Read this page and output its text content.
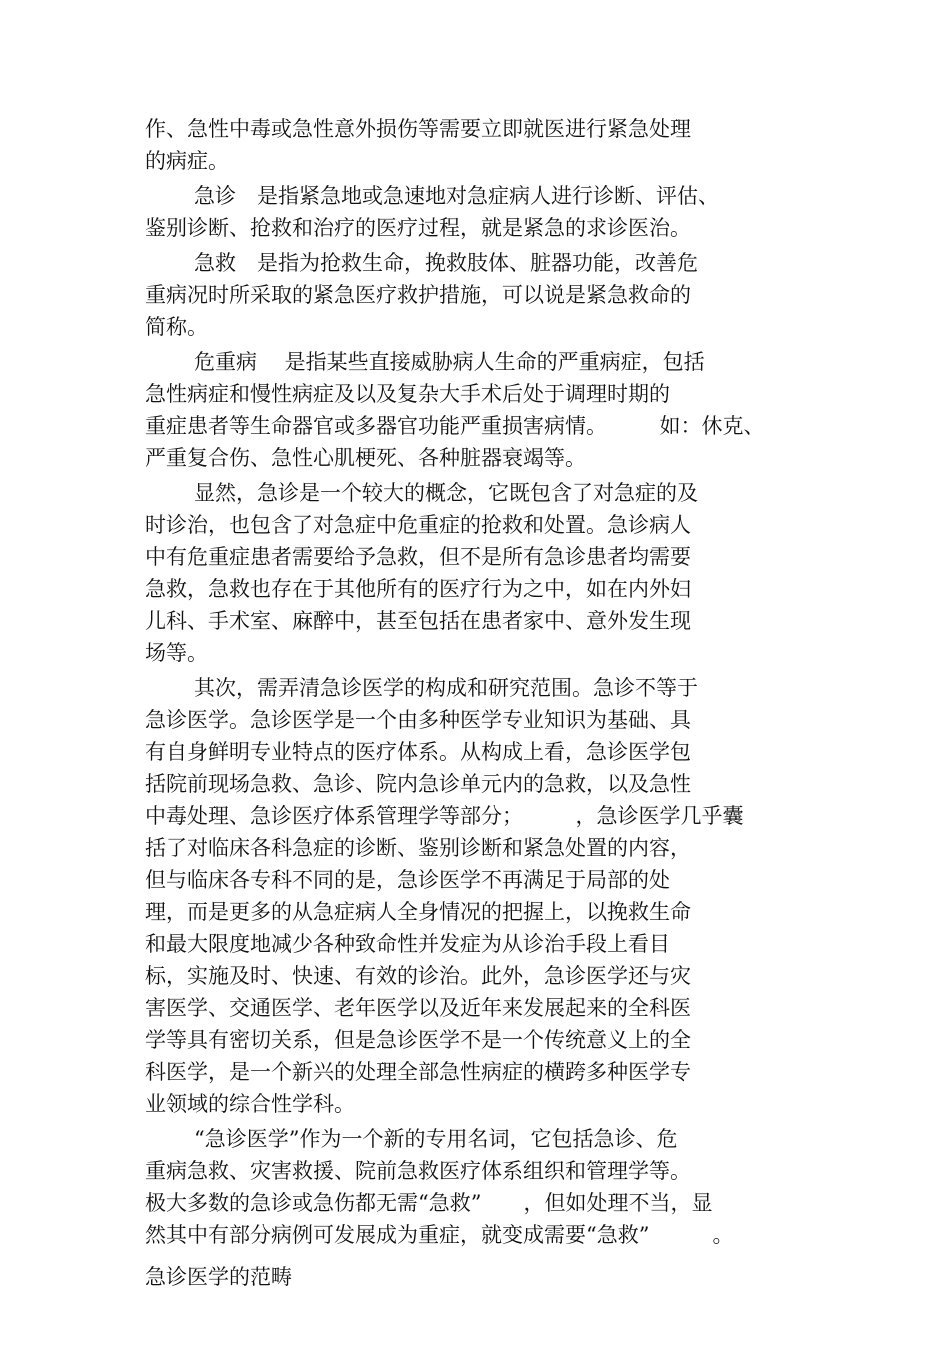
作、急性中毒或急性意外损伤等需要立即就医进行紧急处理
的病症。
急诊　是指紧急地或急速地对急症病人进行诊断、评估、
鉴别诊断、抢救和治疗的医疗过程，就是紧急的求诊医治。
急救　是指为抢救生命，挽救肢体、脏器功能，改善危
重病况时所采取的紧急医疗救护措施，可以说是紧急救命的
简称。
危重病　 是指某些直接威胁病人生命的严重病症，包括
急性病症和慢性病症及以及复杂大手术后处于调理时期的
重症患者等生命器官或多器官功能严重损害病情。　　　如：休克、
严重复合伤、急性心肌梗死、各种脏器衰竭等。
显然，急诊是一个较大的概念，它既包含了对急症的及
时诊治，也包含了对急症中危重症的抢救和处置。急诊病人
中有危重症患者需要给予急救，但不是所有急诊患者均需要
急救，急救也存在于其他所有的医疗行为之中，如在内外妇
儿科、手术室、麻醉中，甚至包括在患者家中、意外发生现
场等。
其次，需弄清急诊医学的构成和研究范围。急诊不等于
急诊医学。急诊医学是一个由多种医学专业知识为基础、具
有自身鲜明专业特点的医疗体系。从构成上看，急诊医学包
括院前现场急救、急诊、院内急诊单元内的急救，以及急性
中毒处理、急诊医疗体系管理学等部分；　　　，急诊医学几乎囊
括了对临床各科急症的诊断、鉴别诊断和紧急处置的内容，
但与临床各专科不同的是，急诊医学不再满足于局部的处
理，而是更多的从急症病人全身情况的把握上，以挽救生命
和最大限度地减少各种致命性并发症为从诊治手段上看目
标，实施及时、快速、有效的诊治。此外，急诊医学还与灾
害医学、交通医学、老年医学以及近年来发展起来的全科医
学等具有密切关系，但是急诊医学不是一个传统意义上的全
科医学，是一个新兴的处理全部急性病症的横跨多种医学专
业领域的综合性学科。
“急诊医学”作为一个新的专用名词，它包括急诊、危
重病急救、灾害救援、院前急救医疗体系组织和管理学等。
极大多数的急诊或急伤都无需“急救”　　，但如处理不当，显
然其中有部分病例可发展成为重症，就变成需要“急救”　　　。
急诊医学的范畴
